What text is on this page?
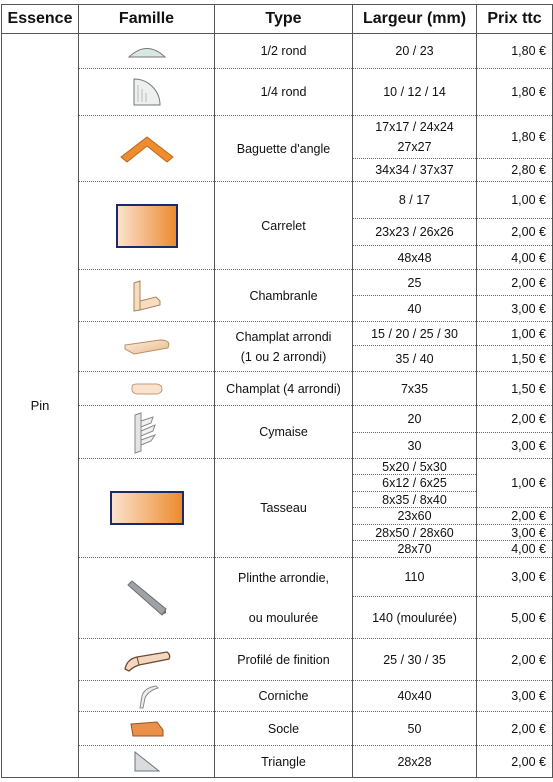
Essence	Famille	Type	Largeur (mm)	Prix ttc
Pin		1/2 rond	20 / 23	1,80 €

	1/4 rond	10 / 12 / 14	1,80 €

	Baguette d'angle	17x17 / 24x24
27x27	1,80 €
			34x34 / 37x37	2,80 €

	Carrelet	8 / 17	1,00 €
			23x23 / 26x26	2,00 €
			48x48	4,00 €

	Chambranle	25	2,00 €
			40	3,00 €

Champlat arrondi
(1 ou 2 arrondi)	15 / 20 / 25 / 30	1,00 €
			35 / 40	1,50 €

	Champlat (4 arrondi)	7x35	1,50 €

	Cymaise	20	2,00 €
			30	3,00 €

	Tasseau	5x20 / 5x30	1,00 €
			6x12 / 6x25	
			8x35 / 8x40	
			23x60	2,00 €
			28x50 / 28x60	3,00 €
			28x70	4,00 €

Plinthe arrondie,
ou moulurée	110	3,00 €
			140 (moulurée)	5,00 €

	Profilé de finition	25 / 30 / 35	2,00 €

	Corniche	40x40	3,00 €

	Socle	50	2,00 €

	Triangle	28x28	2,00 €
